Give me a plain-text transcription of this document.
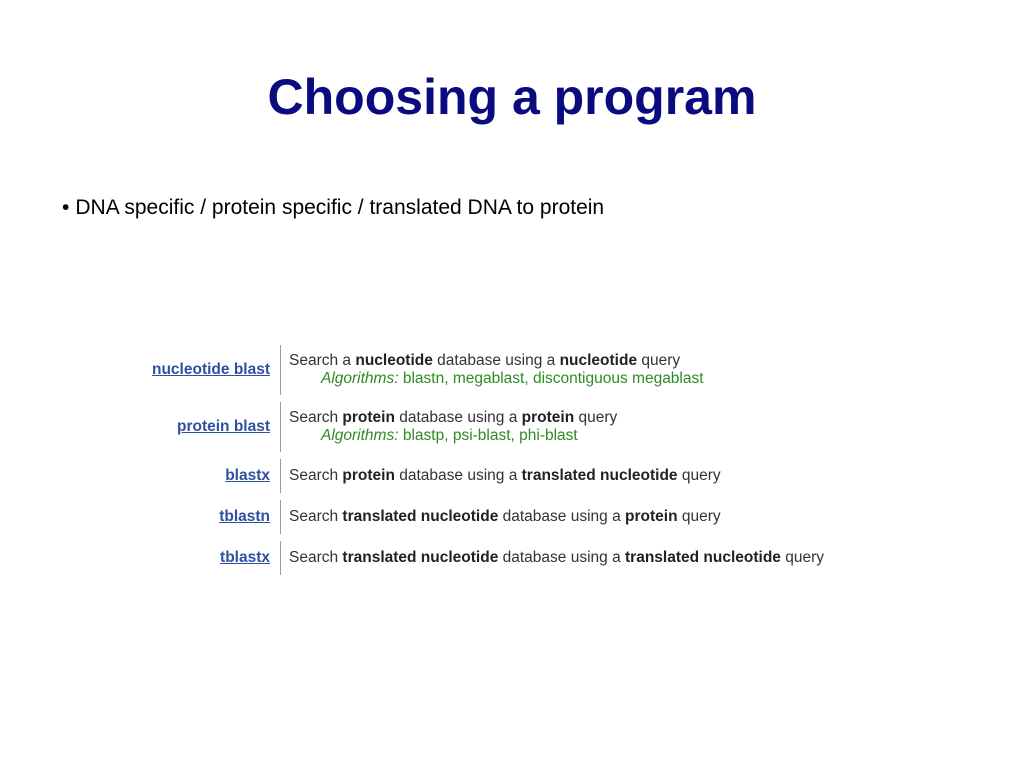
Choosing a program
• DNA specific / protein specific / translated DNA to protein
nucleotide blast
Search a nucleotide database using a nucleotide query
Algorithms: blastn, megablast, discontiguous megablast
protein blast
Search protein database using a protein query
Algorithms: blastp, psi-blast, phi-blast
blastx Search protein database using a translated nucleotide query
tblastn Search translated nucleotide database using a protein query
tblastx Search translated nucleotide database using a translated nucleotide query
